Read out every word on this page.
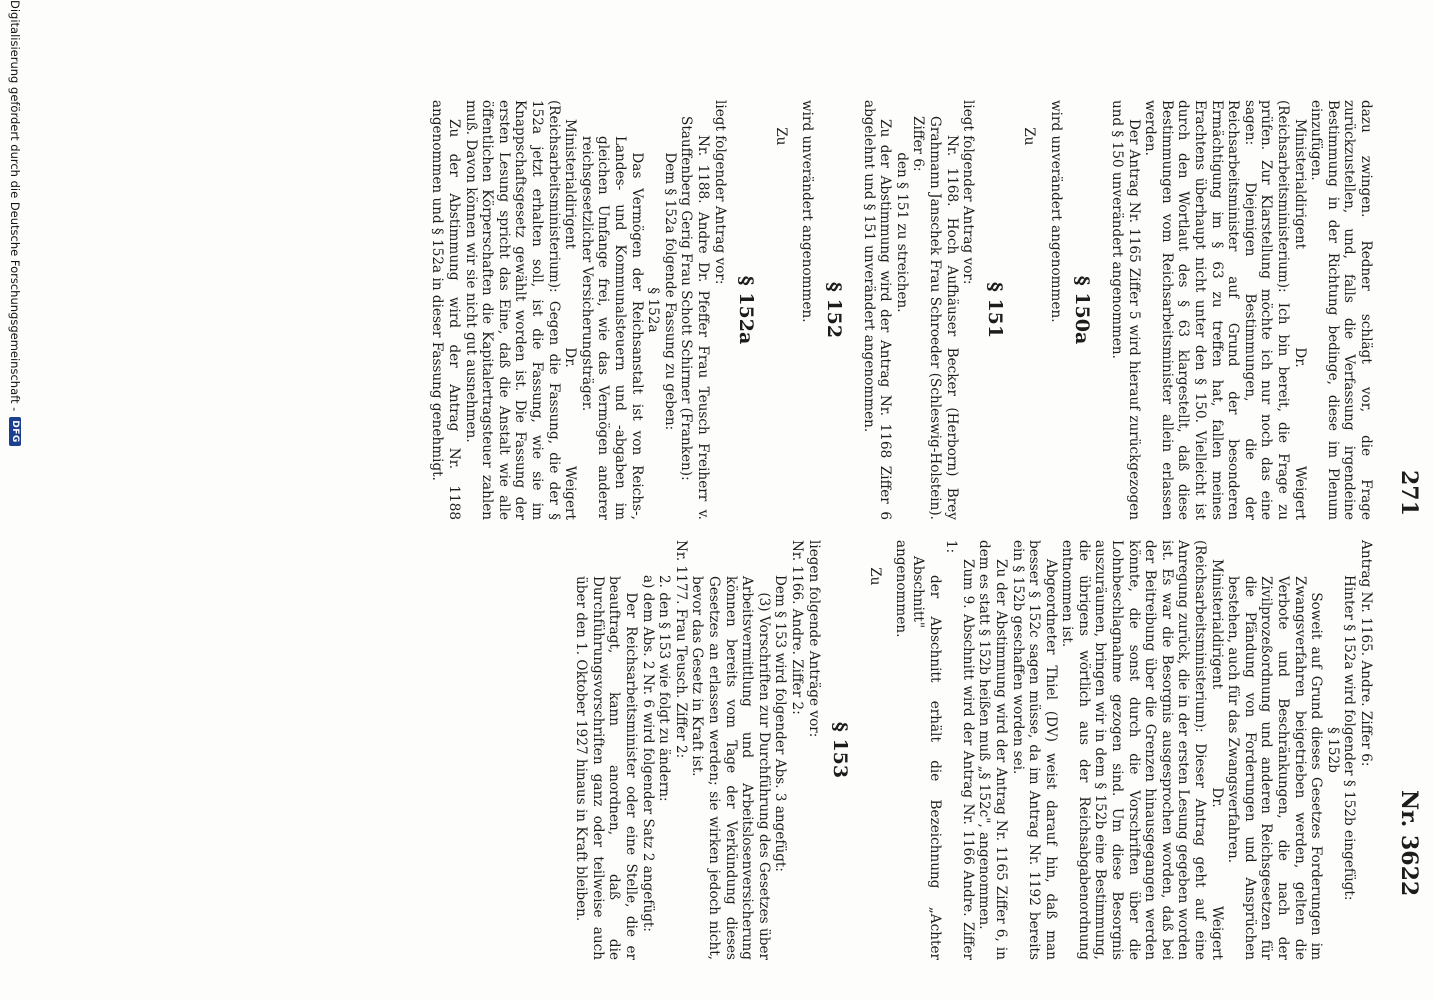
271
Nr. 3622

dazu zwingen. Redner schlägt vor, die Frage zurückzustellen, und, falls die Verfassung irgendeine Bestimmung in der Richtung bedinge, diese im Plenum einzufügen.

Ministerialdirigent Dr. Weigert (Reichsarbeitsministerium): Ich bin bereit, die Frage zu prüfen. Zur Klarstellung möchte ich nur noch das eine sagen: Diejenigen Bestimmungen, die der Reichsarbeitsminister auf Grund der besonderen Ermächtigung im § 63 zu treffen hat, fallen meines Erachtens überhaupt nicht unter den § 150. Vielleicht ist durch den Wortlaut des § 63 klargestellt, daß diese Bestimmungen vom Reichsarbeitsminister allein erlassen werden.

Der Antrag Nr. 1165 Ziffer 5 wird hierauf zurückgezogen und § 150 unverändert angenommen.

§ 150a

wird unverändert angenommen.

Zu

§ 151

liegt folgender Antrag vor:

Nr. 1168. Hoch Aufhäuser Becker (Herborn) Brey Grahmann Janschek Frau Schroeder (Schleswig-Holstein). Ziffer 6:

den § 151 zu streichen.

Zu der Abstimmung wird der Antrag Nr. 1168 Ziffer 6 abgelehnt und § 151 unverändert angenommen.

§ 152

wird unverändert angenommen.

Zu

§ 152a

liegt folgender Antrag vor:

Nr. 1188. Andre Dr. Pfeffer Frau Teusch Freiherr v. Stauffenberg Gerig Frau Schott Schirmer (Franken):

Dem § 152a folgende Fassung zu geben:

§ 152a

Das Vermögen der Reichsanstalt ist von Reichs-, Landes- und Kommunalsteuern und -abgaben im gleichen Umfange frei, wie das Vermögen anderer reichsgesetzlicher Versicherungsträger.

Ministerialdirigent Dr. Weigert (Reichsarbeitsministerium): Gegen die Fassung, die der § 152a jetzt erhalten soll, ist die Fassung, wie sie im Knappschaftsgesetz gewählt worden ist. Die Fassung der ersten Lesung spricht das Eine, daß die Anstalt wie alle öffentlichen Körperschaften die Kapitalertragsteuer zahlen muß. Davon können wir sie nicht gut ausnehmen.

Zu der Abstimmung wird der Antrag Nr. 1188 angenommen und § 152a in dieser Fassung genehmigt.

Antrag Nr. 1165. Andre. Ziffer 6:

Hinter § 152a wird folgender § 152b eingefügt:

§ 152b

Soweit auf Grund dieses Gesetzes Forderungen im Zwangsverfahren beigetrieben werden, gelten die Verbote und Beschränkungen, die nach der Zivilprozeßordnung und anderen Reichsgesetzen für die Pfändung von Forderungen und Ansprüchen bestehen, auch für das Zwangsverfahren.

Ministerialdirigent Dr. Weigert (Reichsarbeitsministerium): Dieser Antrag geht auf eine Anregung zurück, die in der ersten Lesung gegeben worden ist. Es war die Besorgnis ausgesprochen worden, daß bei der Beitreibung über die Grenzen hinausgegangen werden könnte, die sonst durch die Vorschriften über die Lohnbeschlagnahme gezogen sind. Um diese Besorgnis auszuräumen, bringen wir in dem § 152b eine Bestimmung, die übrigens wörtlich aus der Reichsabgabenordnung entnommen ist.

Abgeordneter Thiel (DV) weist darauf hin, daß man besser § 152c sagen müsse, da im Antrag Nr. 1192 bereits ein § 152b geschaffen worden sei.

Zu der Abstimmung wird der Antrag Nr. 1165 Ziffer 6, in dem es statt § 152b heißen muß „§ 152c", angenommen.

Zum 9. Abschnitt wird der Antrag Nr. 1166 Andre. Ziffer 1:

der Abschnitt erhält die Bezeichnung „Achter Abschnitt"

angenommen.

Zu

§ 153

liegen folgende Anträge vor:

Nr. 1166. Andre. Ziffer 2:

Dem § 153 wird folgender Abs. 3 angefügt:

(3) Vorschriften zur Durchführung des Gesetzes über Arbeitsvermittlung und Arbeitslosenversicherung können bereits vom Tage der Verkündung dieses Gesetzes an erlassen werden; sie wirken jedoch nicht, bevor das Gesetz in Kraft ist.

Nr. 1177. Frau Teusch. Ziffer 2:

2. den § 153 wie folgt zu ändern:

a) dem Abs. 2 Nr. 6 wird folgender Satz 2 angefügt:

Der Reichsarbeitsminister oder eine Stelle, die er beauftragt, kann anordnen, daß die Durchführungsvorschriften ganz oder teilweise auch über den 1. Oktober 1927 hinaus in Kraft bleiben.

Digitalisierung gefördert durch die Deutsche Forschungsgemeinschaft -
DFG
